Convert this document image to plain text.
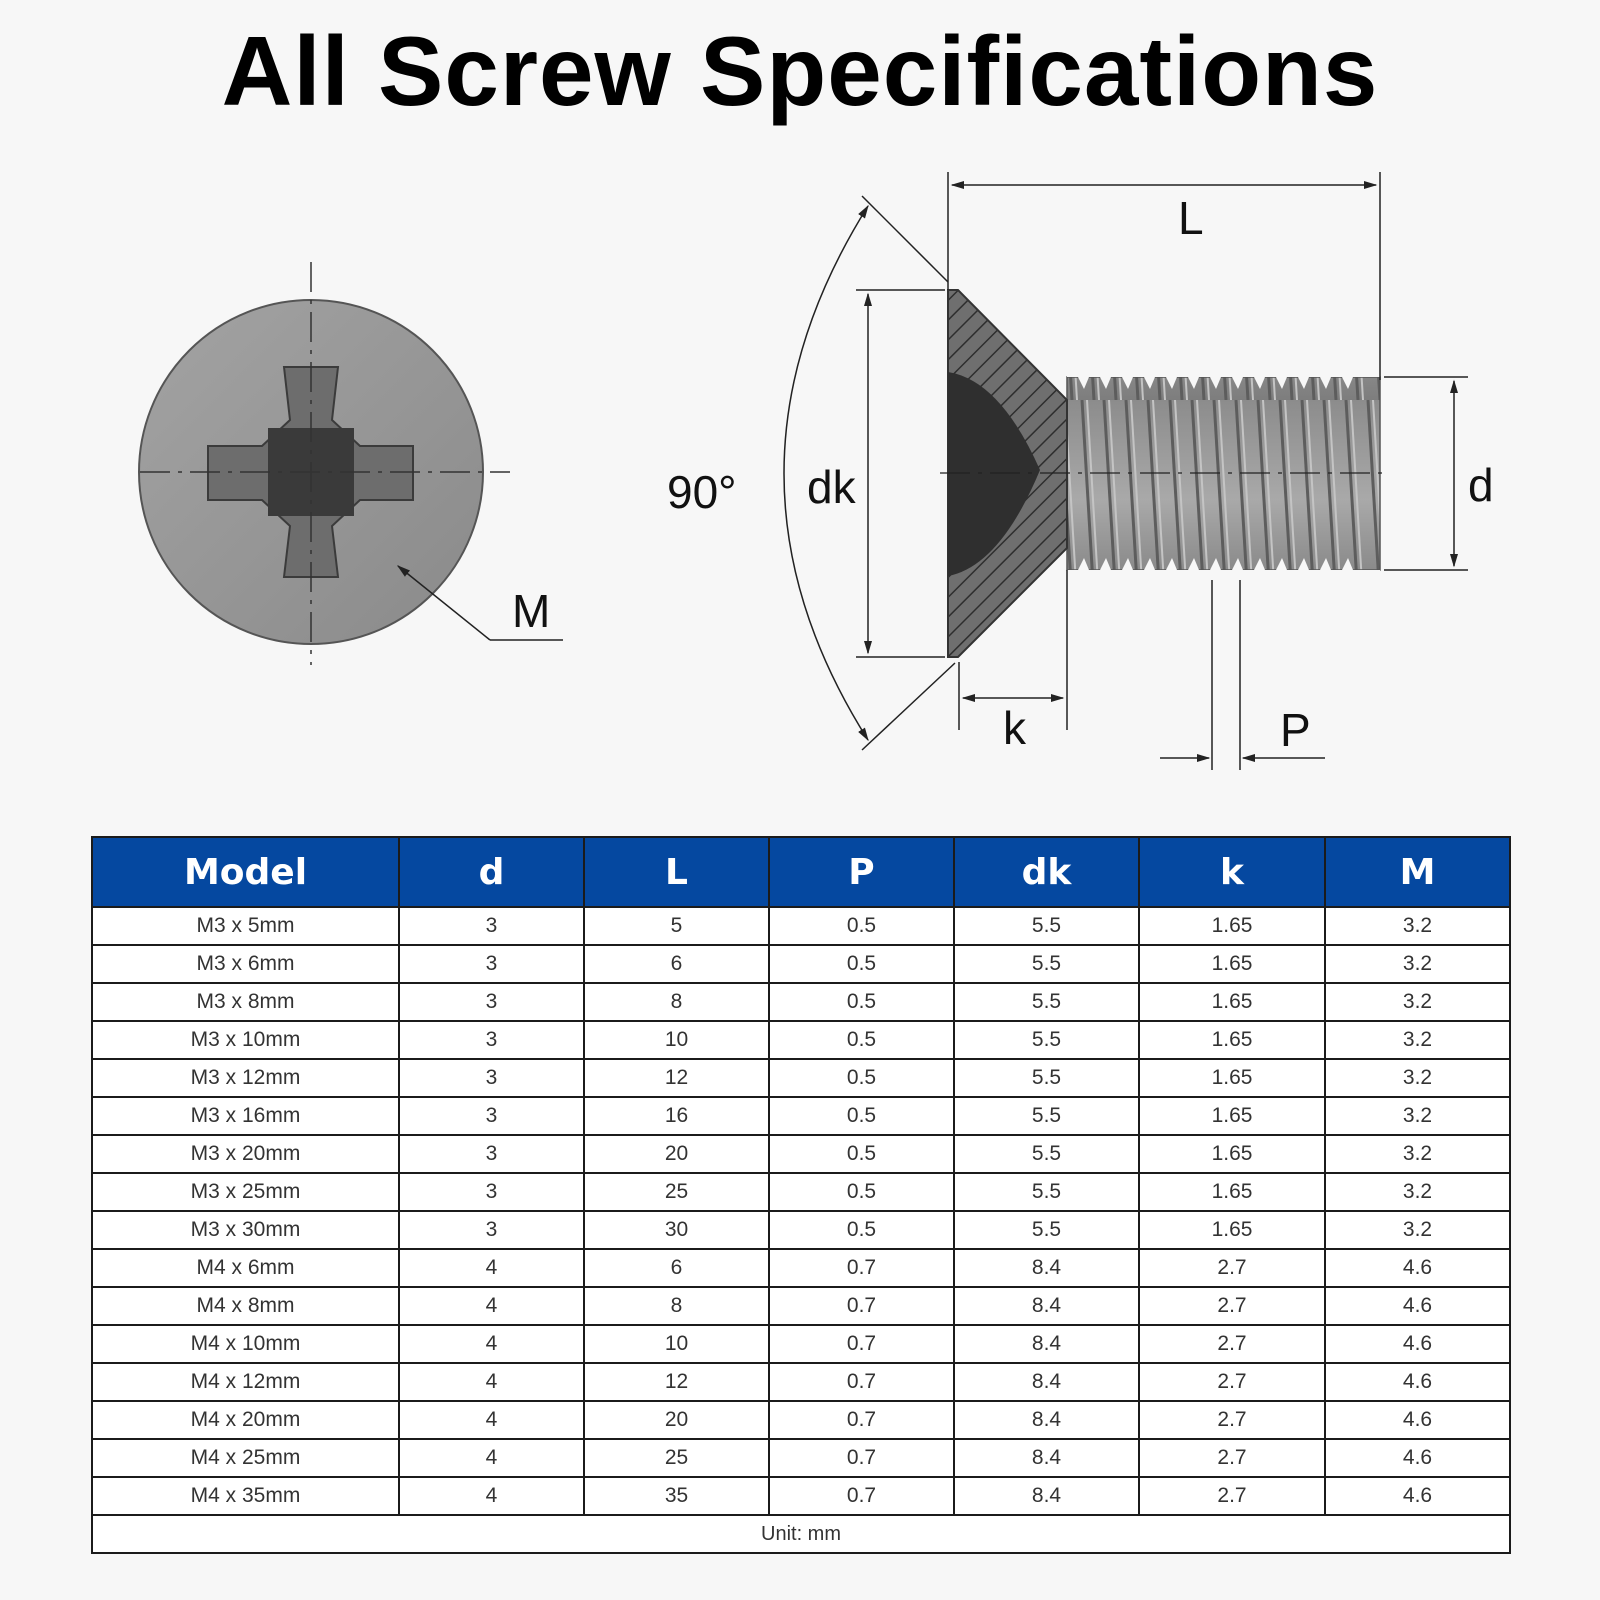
All Screw Specifications
M
L
dk
90°	d
k	P
Model	d	L	P	dk	k	M
M3 x 5mm	3	5	0.5	5.5	1.65	3.2
M3 x 6mm	3	6	0.5	5.5	1.65	3.2
M3 x 8mm	3	8	0.5	5.5	1.65	3.2
M3 x 10mm	3	10	0.5	5.5	1.65	3.2
M3 x 12mm	3	12	0.5	5.5	1.65	3.2
M3 x 16mm	3	16	0.5	5.5	1.65	3.2
M3 x 20mm	3	20	0.5	5.5	1.65	3.2
M3 x 25mm	3	25	0.5	5.5	1.65	3.2
M3 x 30mm	3	30	0.5	5.5	1.65	3.2
M4 x 6mm	4	6	0.7	8.4	2.7	4.6
M4 x 8mm	4	8	0.7	8.4	2.7	4.6
M4 x 10mm	4	10	0.7	8.4	2.7	4.6
M4 x 12mm	4	12	0.7	8.4	2.7	4.6
M4 x 20mm	4	20	0.7	8.4	2.7	4.6
M4 x 25mm	4	25	0.7	8.4	2.7	4.6
M4 x 35mm	4	35	0.7	8.4	2.7	4.6
Unit: mm						
